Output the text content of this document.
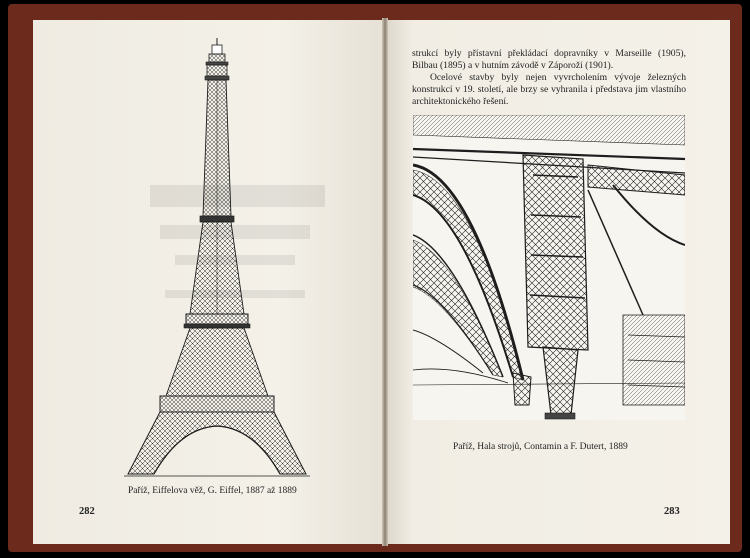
Paříž, Eiffelova věž, G. Eiffel, 1887 až 1889
282

strukcí byly přístavní překládací dopravníky v Marseille (1905), Bilbau (1895) a v hutním závodě v Záporoží (1901).

Ocelové stavby byly nejen vyvrcholením vývoje železných konstrukcí v 19. století, ale brzy se vyhranila i představa jim vlastního architektonického řešení.

Paříž, Hala strojů, Contamin a F. Dutert, 1889
283
